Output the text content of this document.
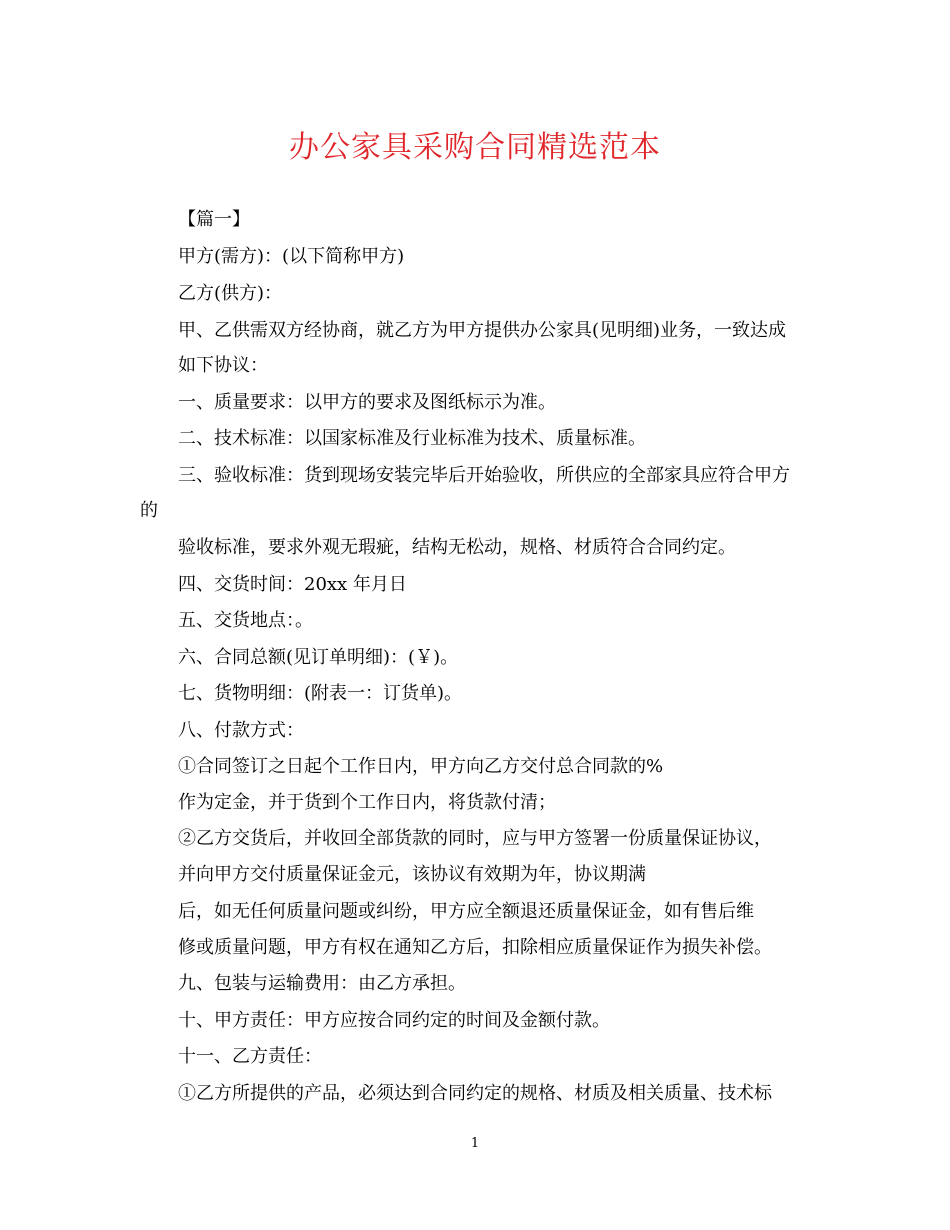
办公家具采购合同精选范本
【篇一】
甲方(需方)：(以下简称甲方)
乙方(供方)：
甲、乙供需双方经协商，就乙方为甲方提供办公家具(见明细)业务，一致达成
如下协议：
一、质量要求：以甲方的要求及图纸标示为准。
二、技术标准：以国家标准及行业标准为技术、质量标准。
三、验收标准：货到现场安装完毕后开始验收，所供应的全部家具应符合甲方
的
验收标准，要求外观无瑕疵，结构无松动，规格、材质符合合同约定。
四、交货时间：20xx 年月日
五、交货地点：。
六、合同总额(见订单明细)：(￥)。
七、货物明细：(附表一：订货单)。
八、付款方式：
①合同签订之日起个工作日内，甲方向乙方交付总合同款的%
作为定金，并于货到个工作日内，将货款付清；
②乙方交货后，并收回全部货款的同时，应与甲方签署一份质量保证协议，
并向甲方交付质量保证金元，该协议有效期为年，协议期满
后，如无任何质量问题或纠纷，甲方应全额退还质量保证金，如有售后维
修或质量问题，甲方有权在通知乙方后，扣除相应质量保证作为损失补偿。
九、包装与运输费用：由乙方承担。
十、甲方责任：甲方应按合同约定的时间及金额付款。
十一、乙方责任：
①乙方所提供的产品，必须达到合同约定的规格、材质及相关质量、技术标
1
